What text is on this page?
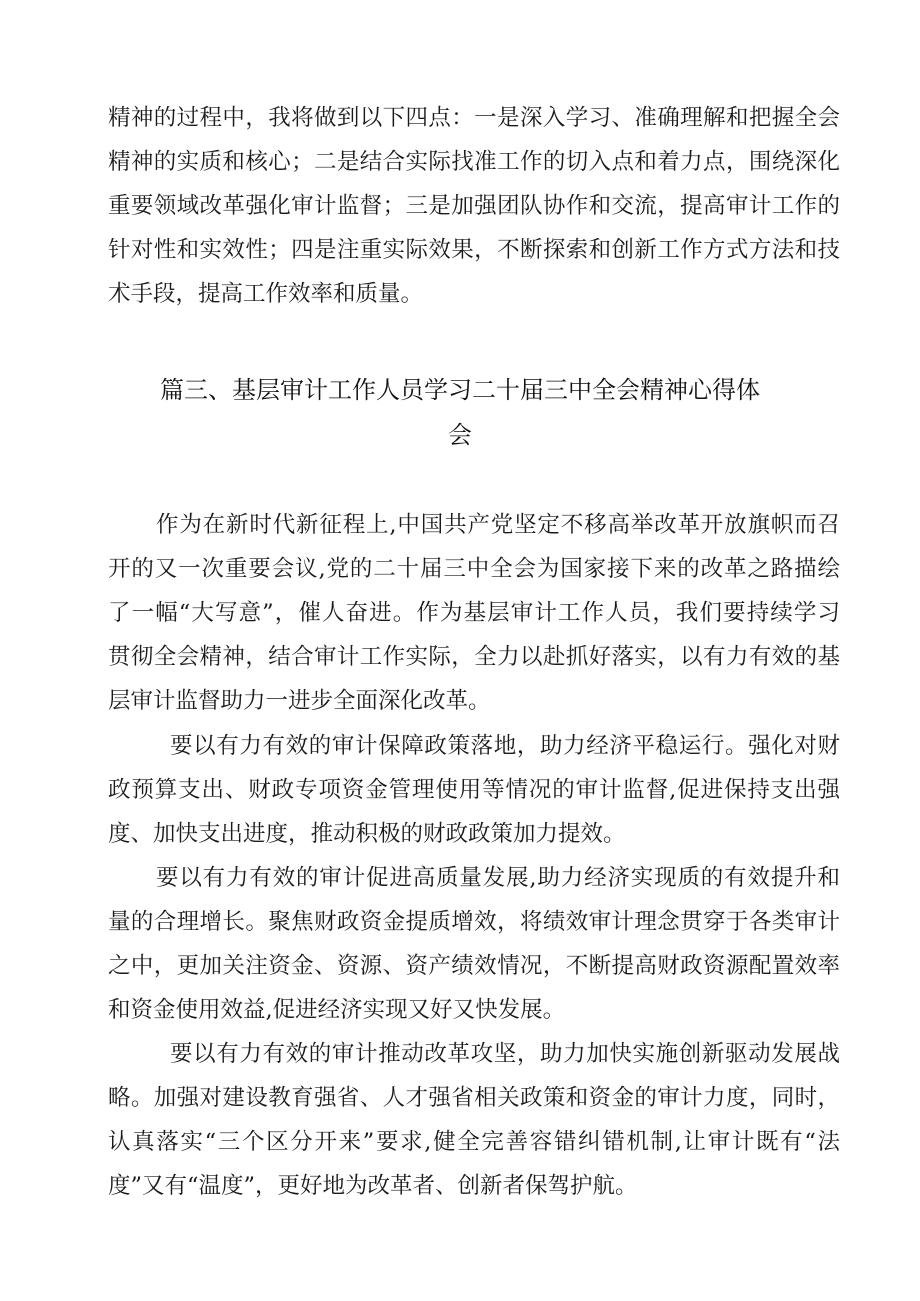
精神的过程中，我将做到以下四点：一是深入学习、准确理解和把握全会
精神的实质和核心；二是结合实际找准工作的切入点和着力点，围绕深化
重要领域改革强化审计监督；三是加强团队协作和交流，提高审计工作的
针对性和实效性；四是注重实际效果，不断探索和创新工作方式方法和技
术手段，提高工作效率和质量。
篇三、基层审计工作人员学习二十届三中全会精神心得体
会
作为在新时代新征程上,中国共产党坚定不移高举改革开放旗帜而召
开的又一次重要会议,党的二十届三中全会为国家接下来的改革之路描绘
了一幅“大写意”，催人奋进。作为基层审计工作人员，我们要持续学习
贯彻全会精神，结合审计工作实际，全力以赴抓好落实，以有力有效的基
层审计监督助力一进步全面深化改革。
要以有力有效的审计保障政策落地，助力经济平稳运行。强化对财
政预算支出、财政专项资金管理使用等情况的审计监督,促进保持支出强
度、加快支出进度，推动积极的财政政策加力提效。
要以有力有效的审计促进高质量发展,助力经济实现质的有效提升和
量的合理增长。聚焦财政资金提质增效，将绩效审计理念贯穿于各类审计
之中，更加关注资金、资源、资产绩效情况，不断提高财政资源配置效率
和资金使用效益,促进经济实现又好又快发展。
要以有力有效的审计推动改革攻坚，助力加快实施创新驱动发展战
略。加强对建设教育强省、人才强省相关政策和资金的审计力度，同时，
认真落实“三个区分开来”要求,健全完善容错纠错机制,让审计既有“法
度”又有“温度”，更好地为改革者、创新者保驾护航。
